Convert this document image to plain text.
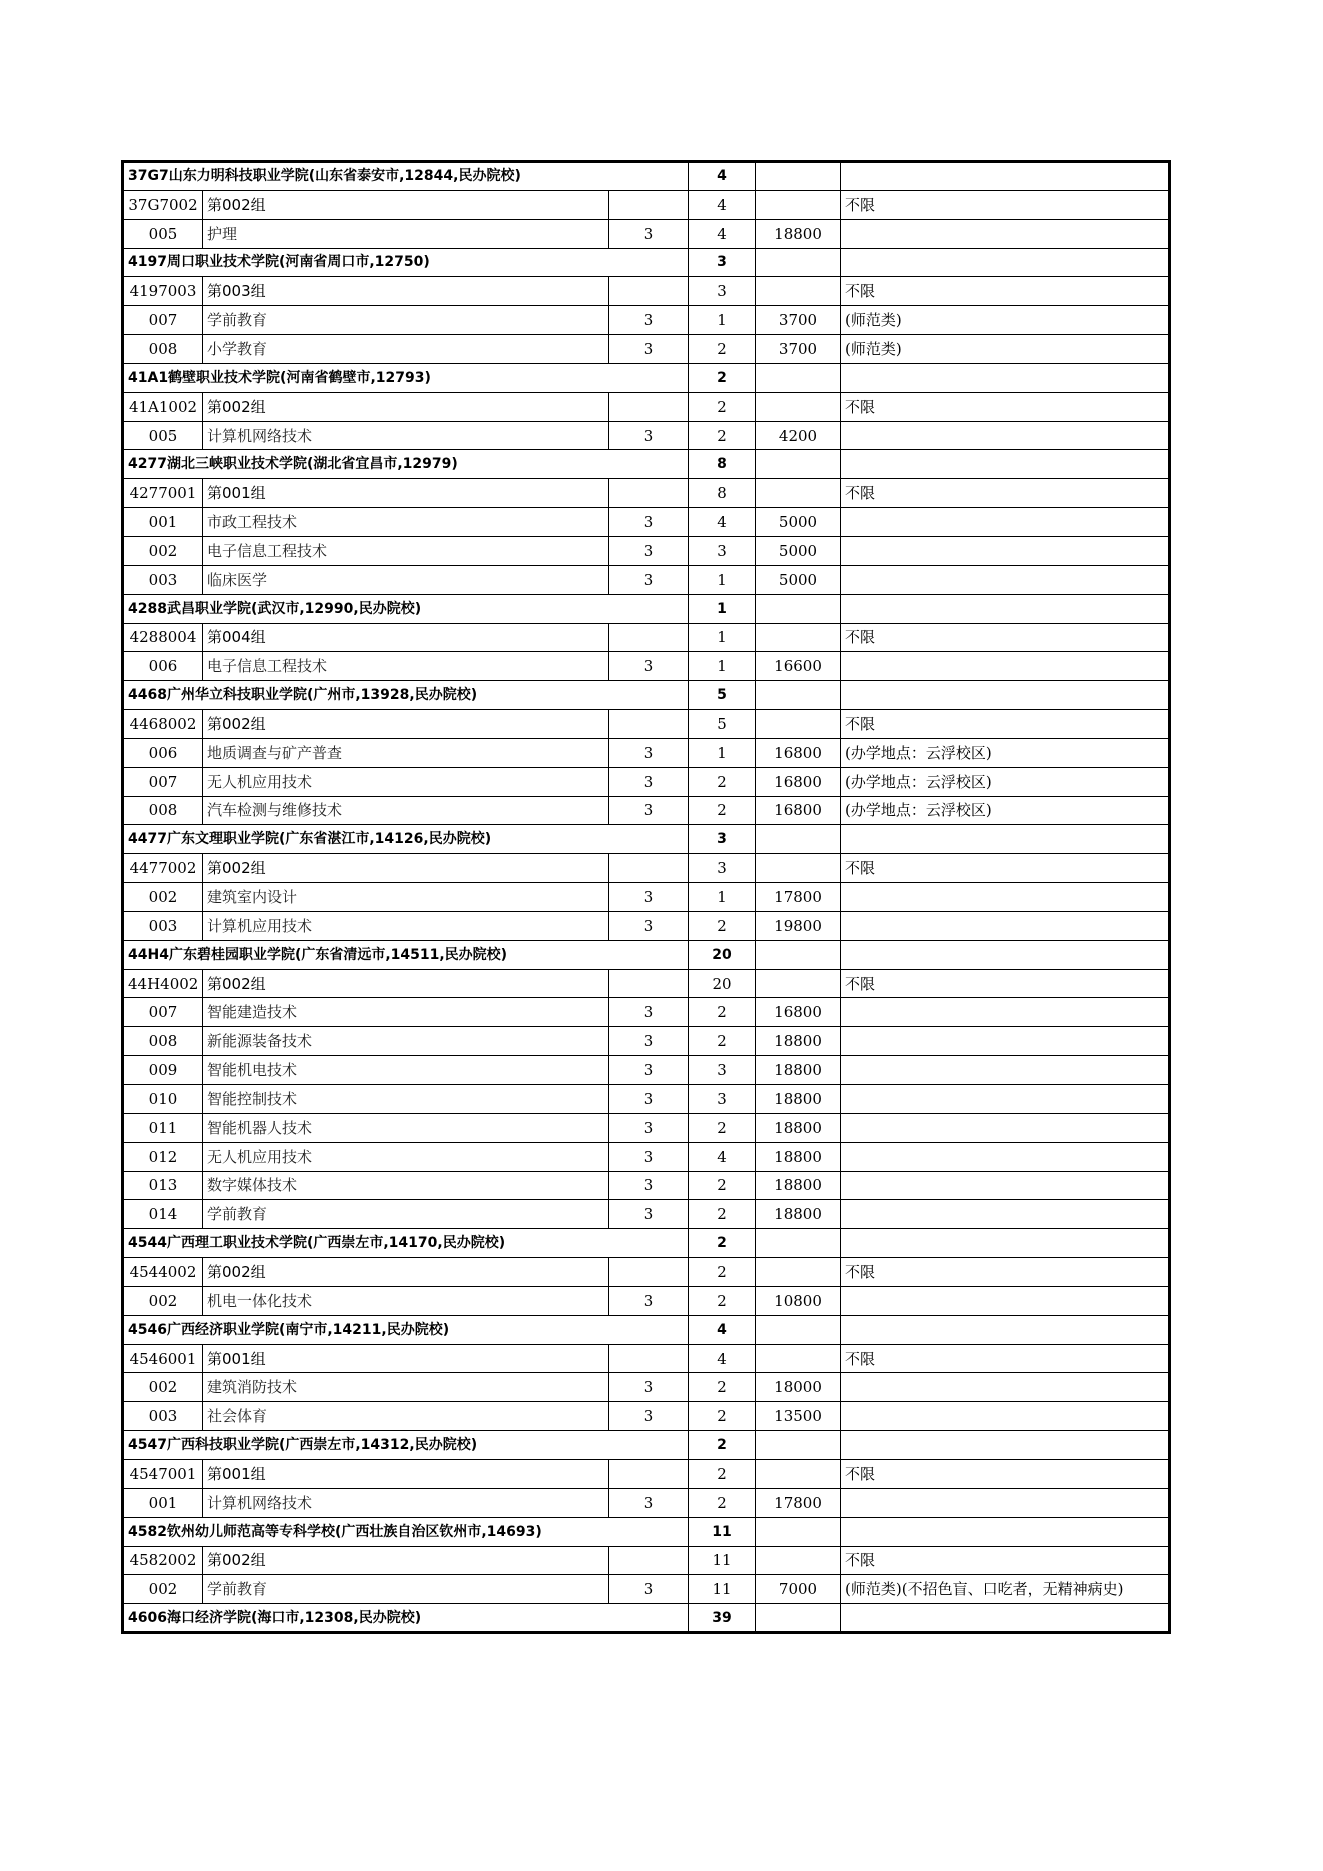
37G7山东力明科技职业学院(山东省泰安市,12844,民办院校)			4		
37G7002	第002组		4		不限
005	护理	3	4	18800	
4197周口职业技术学院(河南省周口市,12750)			3		
4197003	第003组		3		不限
007	学前教育	3	1	3700	(师范类)
008	小学教育	3	2	3700	(师范类)
41A1鹤壁职业技术学院(河南省鹤壁市,12793)			2		
41A1002	第002组		2		不限
005	计算机网络技术	3	2	4200	
4277湖北三峡职业技术学院(湖北省宜昌市,12979)			8		
4277001	第001组		8		不限
001	市政工程技术	3	4	5000	
002	电子信息工程技术	3	3	5000	
003	临床医学	3	1	5000	
4288武昌职业学院(武汉市,12990,民办院校)			1		
4288004	第004组		1		不限
006	电子信息工程技术	3	1	16600	
4468广州华立科技职业学院(广州市,13928,民办院校)			5		
4468002	第002组		5		不限
006	地质调查与矿产普查	3	1	16800	(办学地点：云浮校区)
007	无人机应用技术	3	2	16800	(办学地点：云浮校区)
008	汽车检测与维修技术	3	2	16800	(办学地点：云浮校区)
4477广东文理职业学院(广东省湛江市,14126,民办院校)			3		
4477002	第002组		3		不限
002	建筑室内设计	3	1	17800	
003	计算机应用技术	3	2	19800	
44H4广东碧桂园职业学院(广东省清远市,14511,民办院校)			20		
44H4002	第002组		20		不限
007	智能建造技术	3	2	16800	
008	新能源装备技术	3	2	18800	
009	智能机电技术	3	3	18800	
010	智能控制技术	3	3	18800	
011	智能机器人技术	3	2	18800	
012	无人机应用技术	3	4	18800	
013	数字媒体技术	3	2	18800	
014	学前教育	3	2	18800	
4544广西理工职业技术学院(广西崇左市,14170,民办院校)			2		
4544002	第002组		2		不限
002	机电一体化技术	3	2	10800	
4546广西经济职业学院(南宁市,14211,民办院校)			4		
4546001	第001组		4		不限
002	建筑消防技术	3	2	18000	
003	社会体育	3	2	13500	
4547广西科技职业学院(广西崇左市,14312,民办院校)			2		
4547001	第001组		2		不限
001	计算机网络技术	3	2	17800	
4582钦州幼儿师范高等专科学校(广西壮族自治区钦州市,14693)			11		
4582002	第002组		11		不限
002	学前教育	3	11	7000	(师范类)(不招色盲、口吃者，无精神病史)
4606海口经济学院(海口市,12308,民办院校)			39		
